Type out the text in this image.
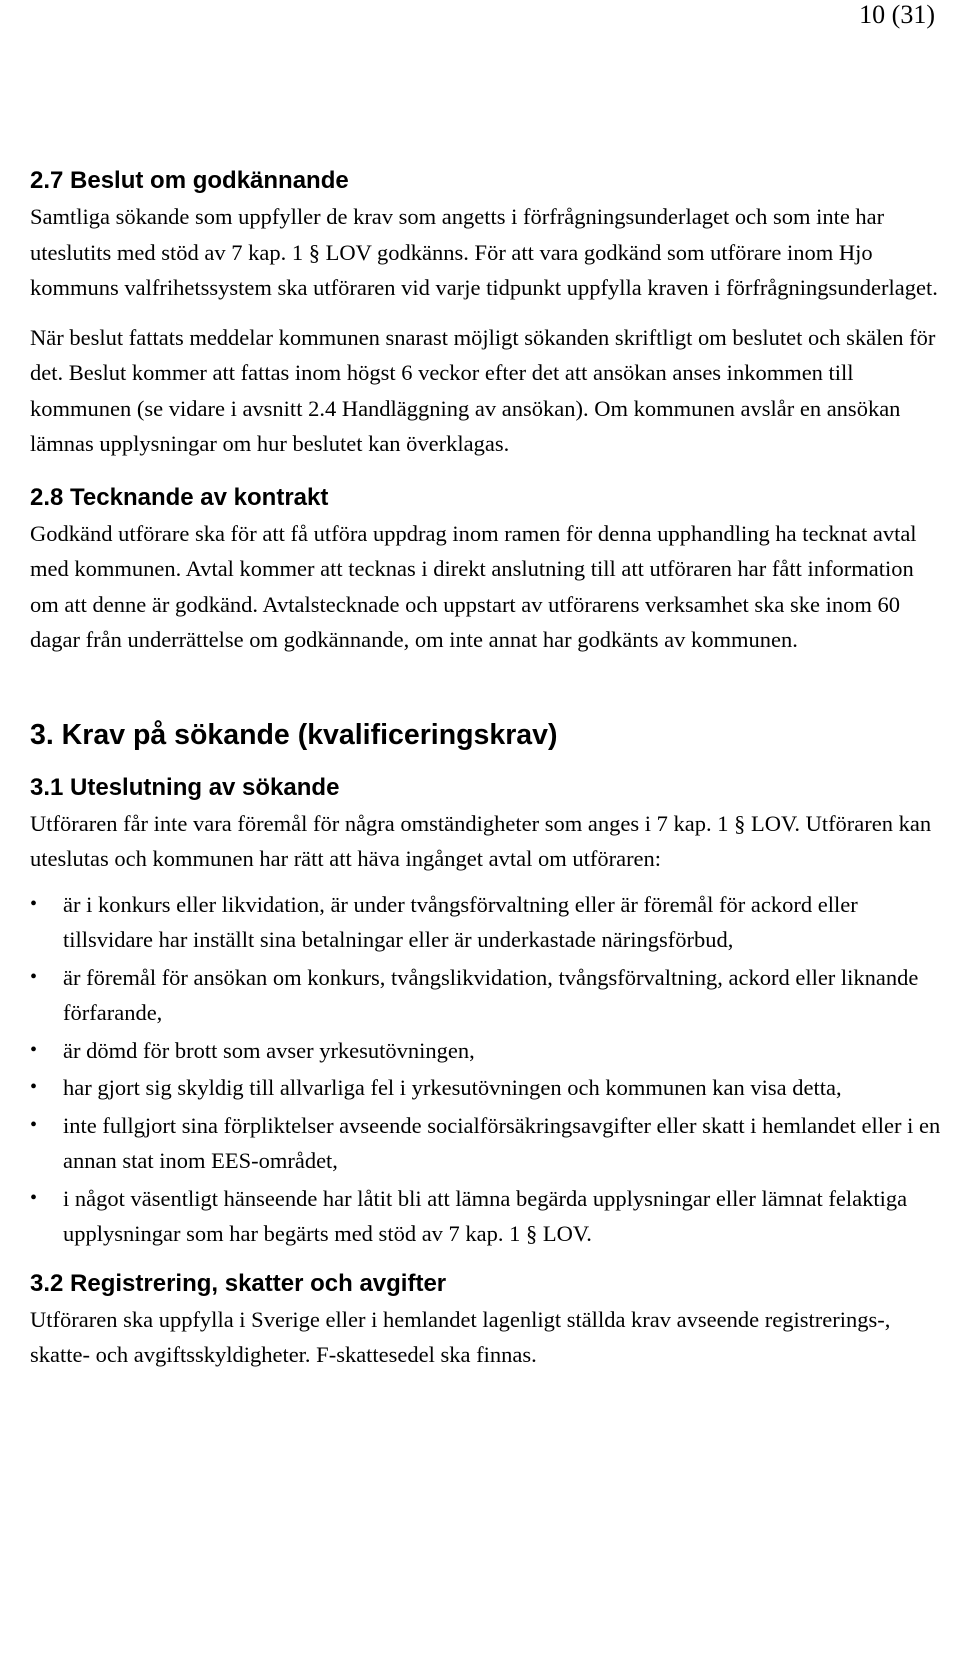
10 (31)
2.7 Beslut om godkännande

Samtliga sökande som uppfyller de krav som angetts i förfrågningsunderlaget och som inte har uteslutits med stöd av 7 kap. 1 § LOV godkänns. För att vara godkänd som utförare inom Hjo kommuns valfrihetssystem ska utföraren vid varje tidpunkt uppfylla kraven i förfrågningsunderlaget.

När beslut fattats meddelar kommunen snarast möjligt sökanden skriftligt om beslutet och skälen för det. Beslut kommer att fattas inom högst 6 veckor efter det att ansökan anses inkommen till kommunen (se vidare i avsnitt 2.4 Handläggning av ansökan). Om kommunen avslår en ansökan lämnas upplysningar om hur beslutet kan överklagas.

2.8 Tecknande av kontrakt

Godkänd utförare ska för att få utföra uppdrag inom ramen för denna upphandling ha tecknat avtal med kommunen. Avtal kommer att tecknas i direkt anslutning till att utföraren har fått information om att denne är godkänd. Avtalstecknade och uppstart av utförarens verksamhet ska ske inom 60 dagar från underrättelse om godkännande, om inte annat har godkänts av kommunen.

3. Krav på sökande (kvalificeringskrav)
3.1 Uteslutning av sökande

Utföraren får inte vara föremål för några omständigheter som anges i 7 kap. 1 § LOV. Utföraren kan uteslutas och kommunen har rätt att häva ingånget avtal om utföraren:

• är i konkurs eller likvidation, är under tvångsförvaltning eller är föremål för ackord eller tillsvidare har inställt sina betalningar eller är underkastade näringsförbud,
• är föremål för ansökan om konkurs, tvångslikvidation, tvångsförvaltning, ackord eller liknande förfarande,
• är dömd för brott som avser yrkesutövningen,
• har gjort sig skyldig till allvarliga fel i yrkesutövningen och kommunen kan visa detta,
• inte fullgjort sina förpliktelser avseende socialförsäkringsavgifter eller skatt i hemlandet eller i en annan stat inom EES-området,
• i något väsentligt hänseende har låtit bli att lämna begärda upplysningar eller lämnat felaktiga upplysningar som har begärts med stöd av 7 kap. 1 § LOV.
3.2 Registrering, skatter och avgifter

Utföraren ska uppfylla i Sverige eller i hemlandet lagenligt ställda krav avseende registrerings-, skatte- och avgiftsskyldigheter. F-skattesedel ska finnas.
